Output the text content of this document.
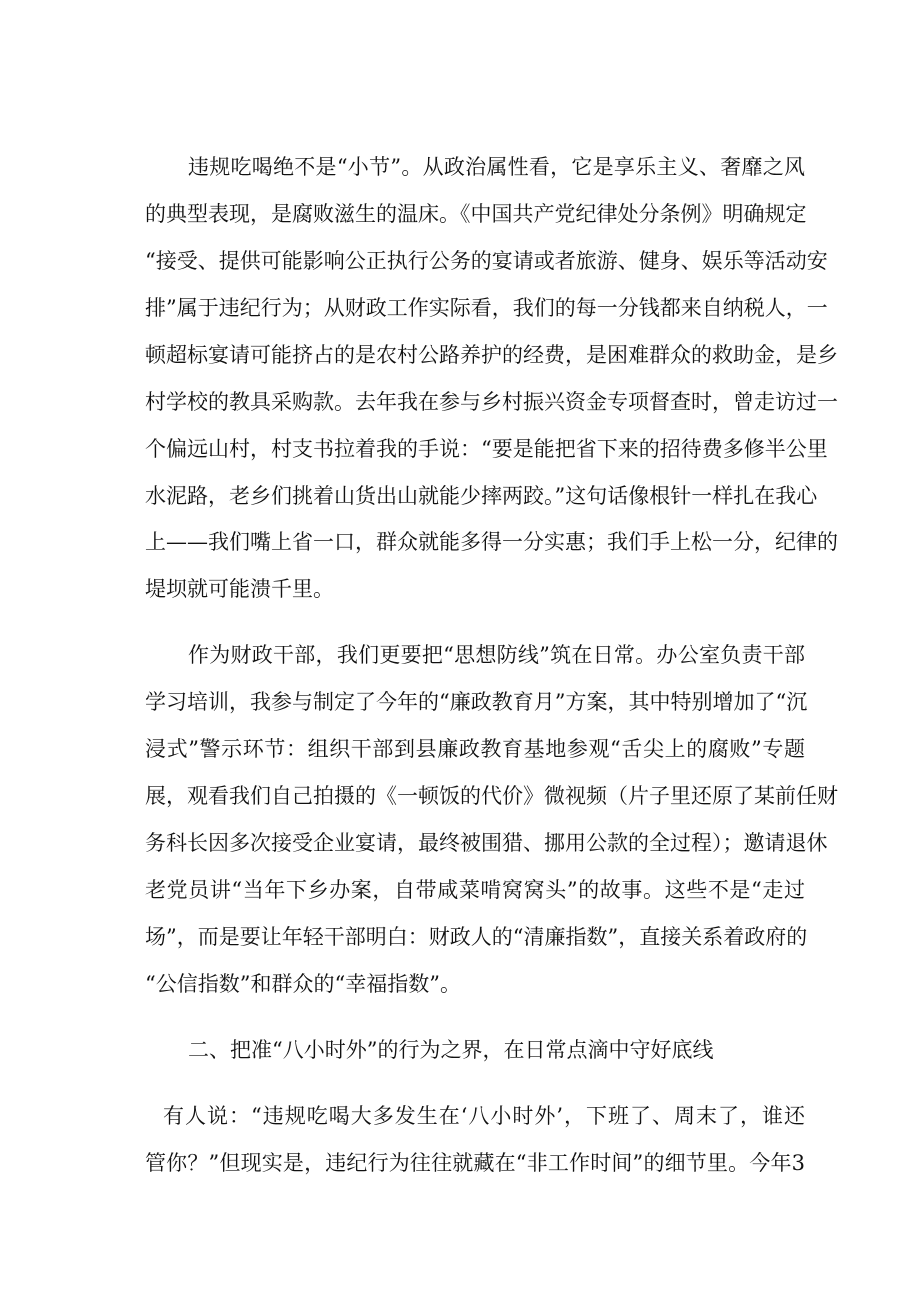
违规吃喝绝不是“小节”。从政治属性看，它是享乐主义、奢靡之风
的典型表现，是腐败滋生的温床。《中国共产党纪律处分条例》明确规定
“接受、提供可能影响公正执行公务的宴请或者旅游、健身、娱乐等活动安
排”属于违纪行为；从财政工作实际看，我们的每一分钱都来自纳税人，一
顿超标宴请可能挤占的是农村公路养护的经费，是困难群众的救助金，是乡
村学校的教具采购款。去年我在参与乡村振兴资金专项督查时，曾走访过一
个偏远山村，村支书拉着我的手说：“要是能把省下来的招待费多修半公里
水泥路，老乡们挑着山货出山就能少摔两跤。”这句话像根针一样扎在我心
上——我们嘴上省一口，群众就能多得一分实惠；我们手上松一分，纪律的
堤坝就可能溃千里。
作为财政干部，我们更要把“思想防线”筑在日常。办公室负责干部
学习培训，我参与制定了今年的“廉政教育月”方案，其中特别增加了“沉
浸式”警示环节：组织干部到县廉政教育基地参观“舌尖上的腐败”专题
展，观看我们自己拍摄的《一顿饭的代价》微视频（片子里还原了某前任财
务科长因多次接受企业宴请，最终被围猎、挪用公款的全过程）；邀请退休
老党员讲“当年下乡办案，自带咸菜啃窝窝头”的故事。这些不是“走过
场”，而是要让年轻干部明白：财政人的“清廉指数”，直接关系着政府的
“公信指数”和群众的“幸福指数”。
二、把准“八小时外”的行为之界，在日常点滴中守好底线
有人说：“违规吃喝大多发生在‘八小时外’，下班了、周末了，谁还
管你？”但现实是，违纪行为往往就藏在“非工作时间”的细节里。今年3
